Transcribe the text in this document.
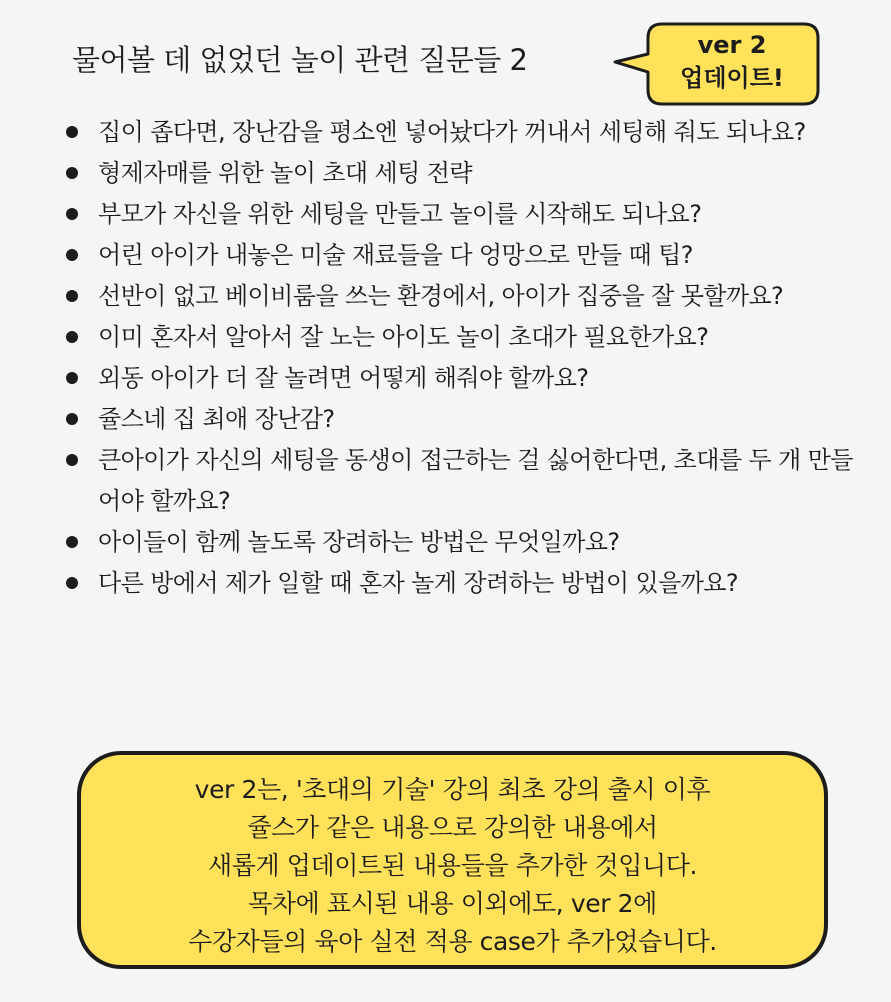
물어볼 데 없었던 놀이 관련 질문들 2	ver 2
업데이트!
집이 좁다면, 장난감을 평소엔 넣어놨다가 꺼내서 세팅해 줘도 되나요?
형제자매를 위한 놀이 초대 세팅 전략
부모가 자신을 위한 세팅을 만들고 놀이를 시작해도 되나요?
어린 아이가 내놓은 미술 재료들을 다 엉망으로 만들 때 팁?
선반이 없고 베이비룸을 쓰는 환경에서, 아이가 집중을 잘 못할까요?
이미 혼자서 알아서 잘 노는 아이도 놀이 초대가 필요한가요?
외동 아이가 더 잘 놀려면 어떻게 해줘야 할까요?
쥴스네 집 최애 장난감?
큰아이가 자신의 세팅을 동생이 접근하는 걸 싫어한다면, 초대를 두 개 만들어야 할까요?
아이들이 함께 놀도록 장려하는 방법은 무엇일까요?
다른 방에서 제가 일할 때 혼자 놀게 장려하는 방법이 있을까요?
ver 2는, '초대의 기술' 강의 최초 강의 출시 이후
쥴스가 같은 내용으로 강의한 내용에서
새롭게 업데이트된 내용들을 추가한 것입니다.
목차에 표시된 내용 이외에도, ver 2에
수강자들의 육아 실전 적용 case가 추가었습니다.
